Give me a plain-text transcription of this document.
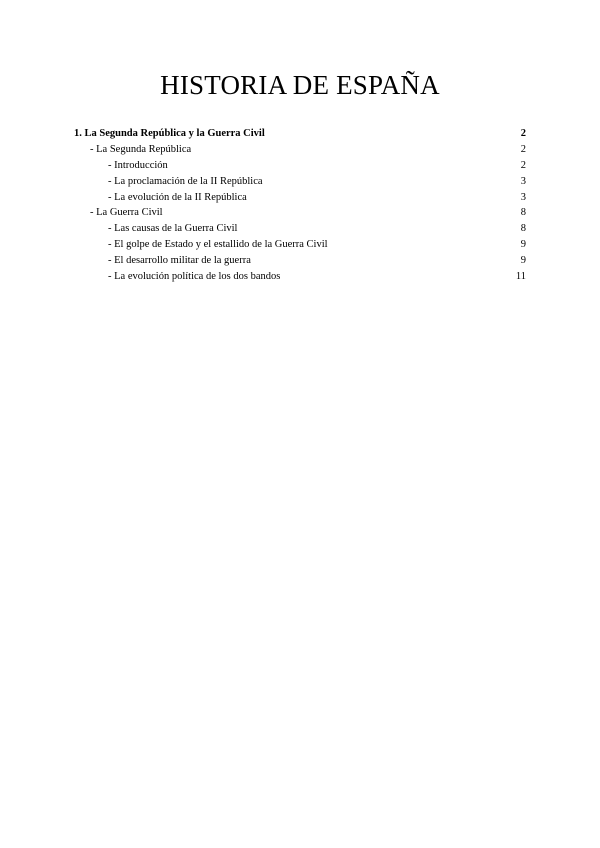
HISTORIA DE ESPAÑA
1. La Segunda República y la Guerra Civil	2
- La Segunda República	2
- Introducción	2
- La proclamación de la II República	3
- La evolución de la II República	3
- La Guerra Civil	8
- Las causas de la Guerra Civil	8
- El golpe de Estado y el estallido de la Guerra Civil	9
- El desarrollo militar de la guerra	9
- La evolución política de los dos bandos	11
